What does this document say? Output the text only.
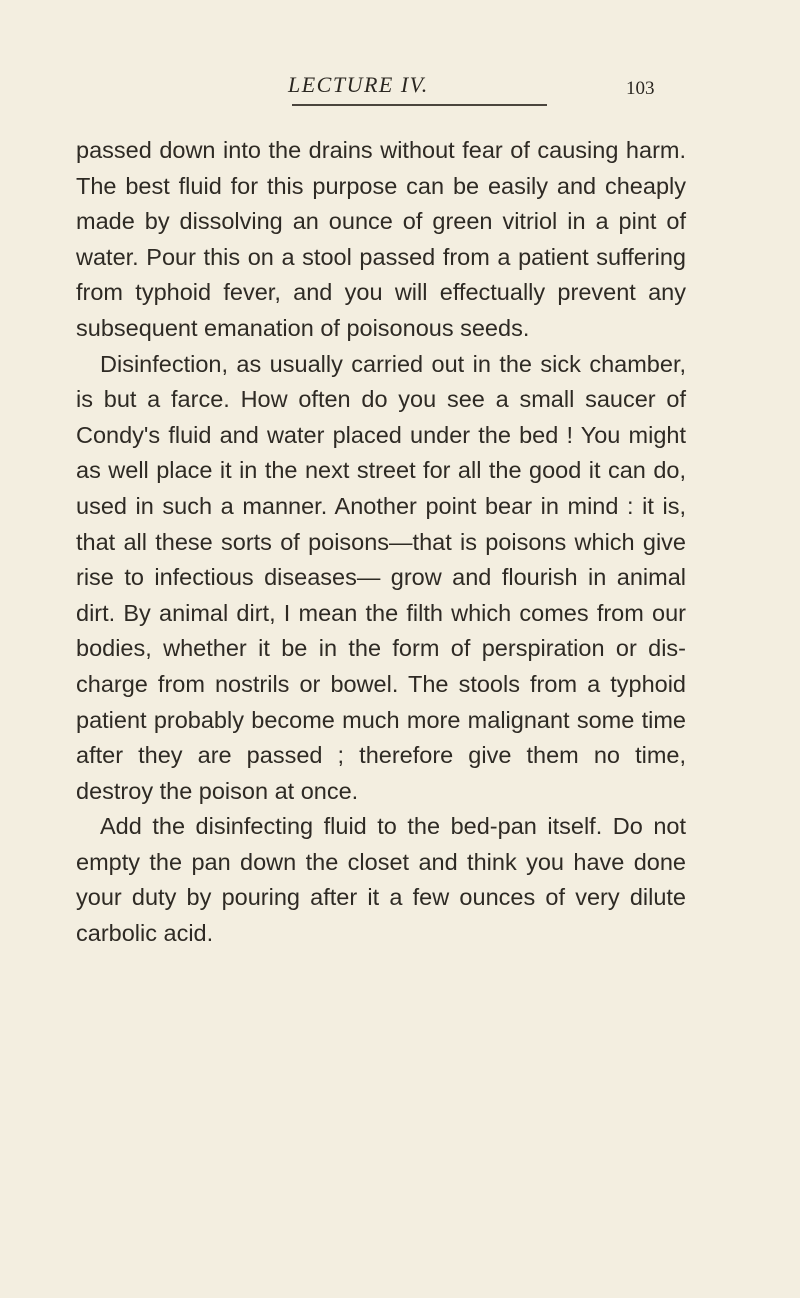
LECTURE IV.	103

passed down into the drains without fear of causing harm. The best fluid for this purpose can be easily and cheaply made by dissolving an ounce of green vitriol in a pint of water. Pour this on a stool passed from a patient suffering from typhoid fever, and you will effectually prevent any subsequent emanation of poisonous seeds.

Disinfection, as usually carried out in the sick chamber, is but a farce. How often do you see a small saucer of Condy's fluid and water placed under the bed ! You might as well place it in the next street for all the good it can do, used in such a manner. Another point bear in mind : it is, that all these sorts of poisons—that is poisons which give rise to infectious diseases— grow and flourish in animal dirt. By animal dirt, I mean the filth which comes from our bodies, whether it be in the form of perspiration or dis- charge from nostrils or bowel. The stools from a typhoid patient probably become much more malignant some time after they are passed ; therefore give them no time, destroy the poison at once.

Add the disinfecting fluid to the bed-pan itself. Do not empty the pan down the closet and think you have done your duty by pouring after it a few ounces of very dilute carbolic acid.
